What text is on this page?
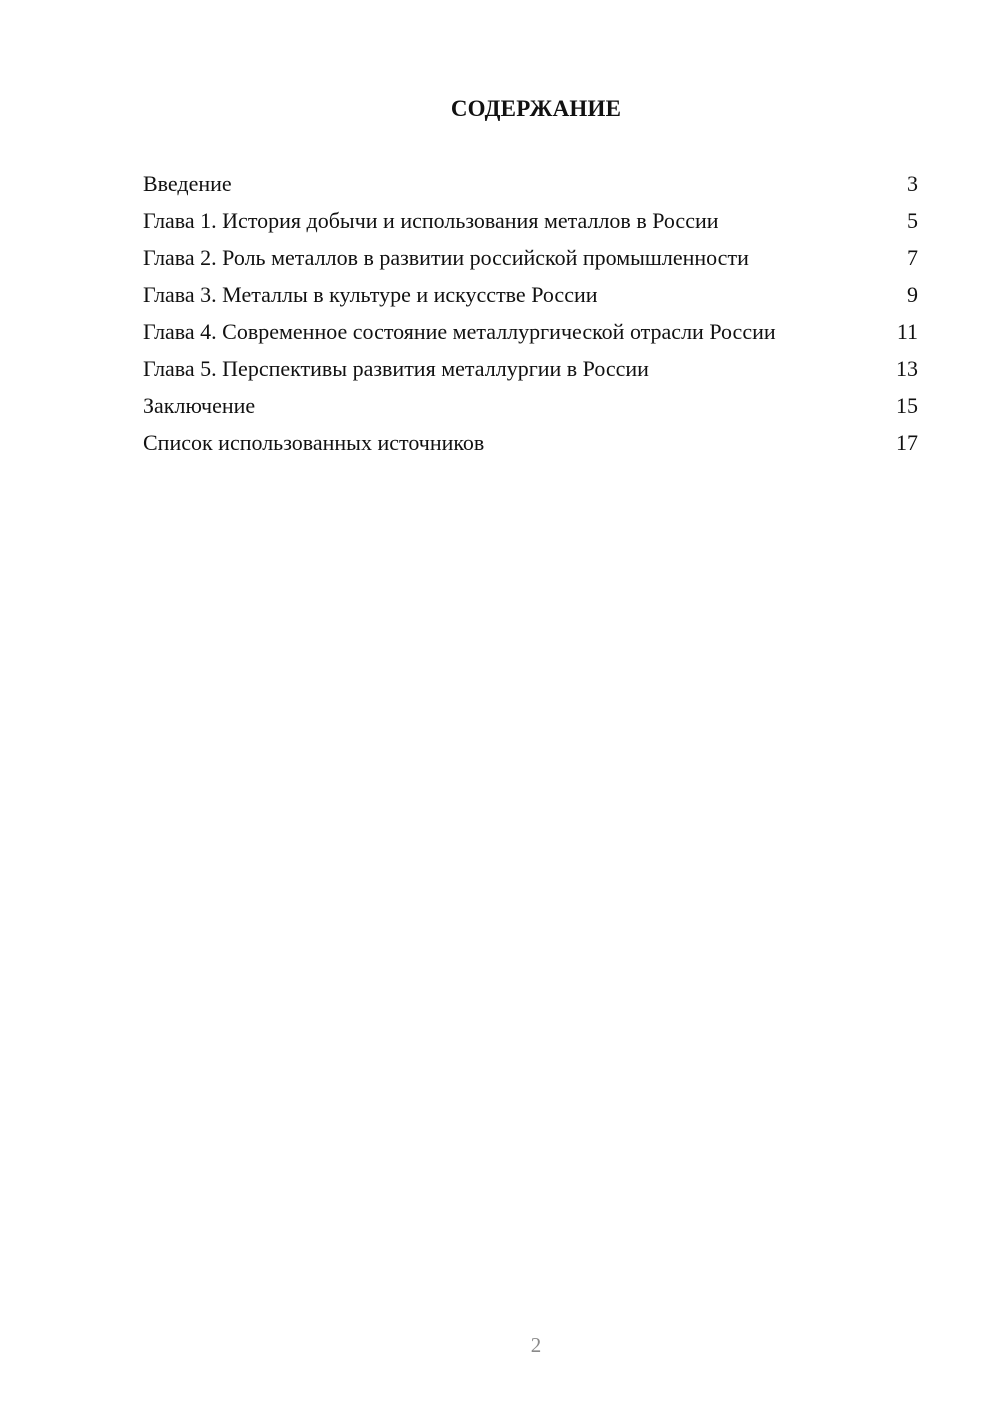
СОДЕРЖАНИЕ
Введение	3
Глава 1. История добычи и использования металлов в России	5
Глава 2. Роль металлов в развитии российской промышленности	7
Глава 3. Металлы в культуре и искусстве России	9
Глава 4. Современное состояние металлургической отрасли России	11
Глава 5. Перспективы развития металлургии в России	13
Заключение	15
Список использованных источников	17
2
